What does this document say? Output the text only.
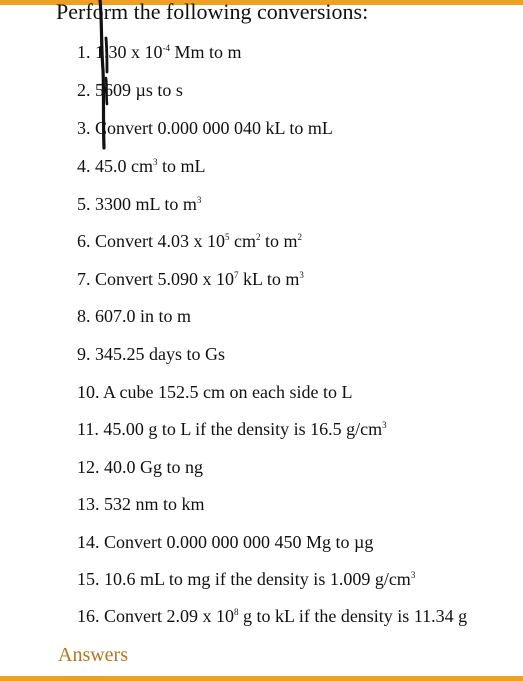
Perform the following conversions:
1. 1.30 x $10^{-4}$ Mm to m
2. 5609 µs to s
3. Convert 0.000 000 040 kL to mL
4. 45.0 $cm^3$ to mL
5. 3300 mL to $m^3$
6. Convert 4.03 x $10^5$ $cm^2$ to $m^2$
7. Convert 5.090 x $10^7$ kL to $m^3$
8. 607.0 in to m
9. 345.25 days to Gs
10. A cube 152.5 cm on each side to L
11. 45.00 g to L if the density is 16.5 $g/cm^3$
12. 40.0 Gg to ng
13. 532 nm to km
14. Convert 0.000 000 000 450 Mg to µg
15. 10.6 mL to mg if the density is 1.009 $g/cm^3$
16. Convert 2.09 x $10^8$ g to kL if the density is 11.34 g
Answers
